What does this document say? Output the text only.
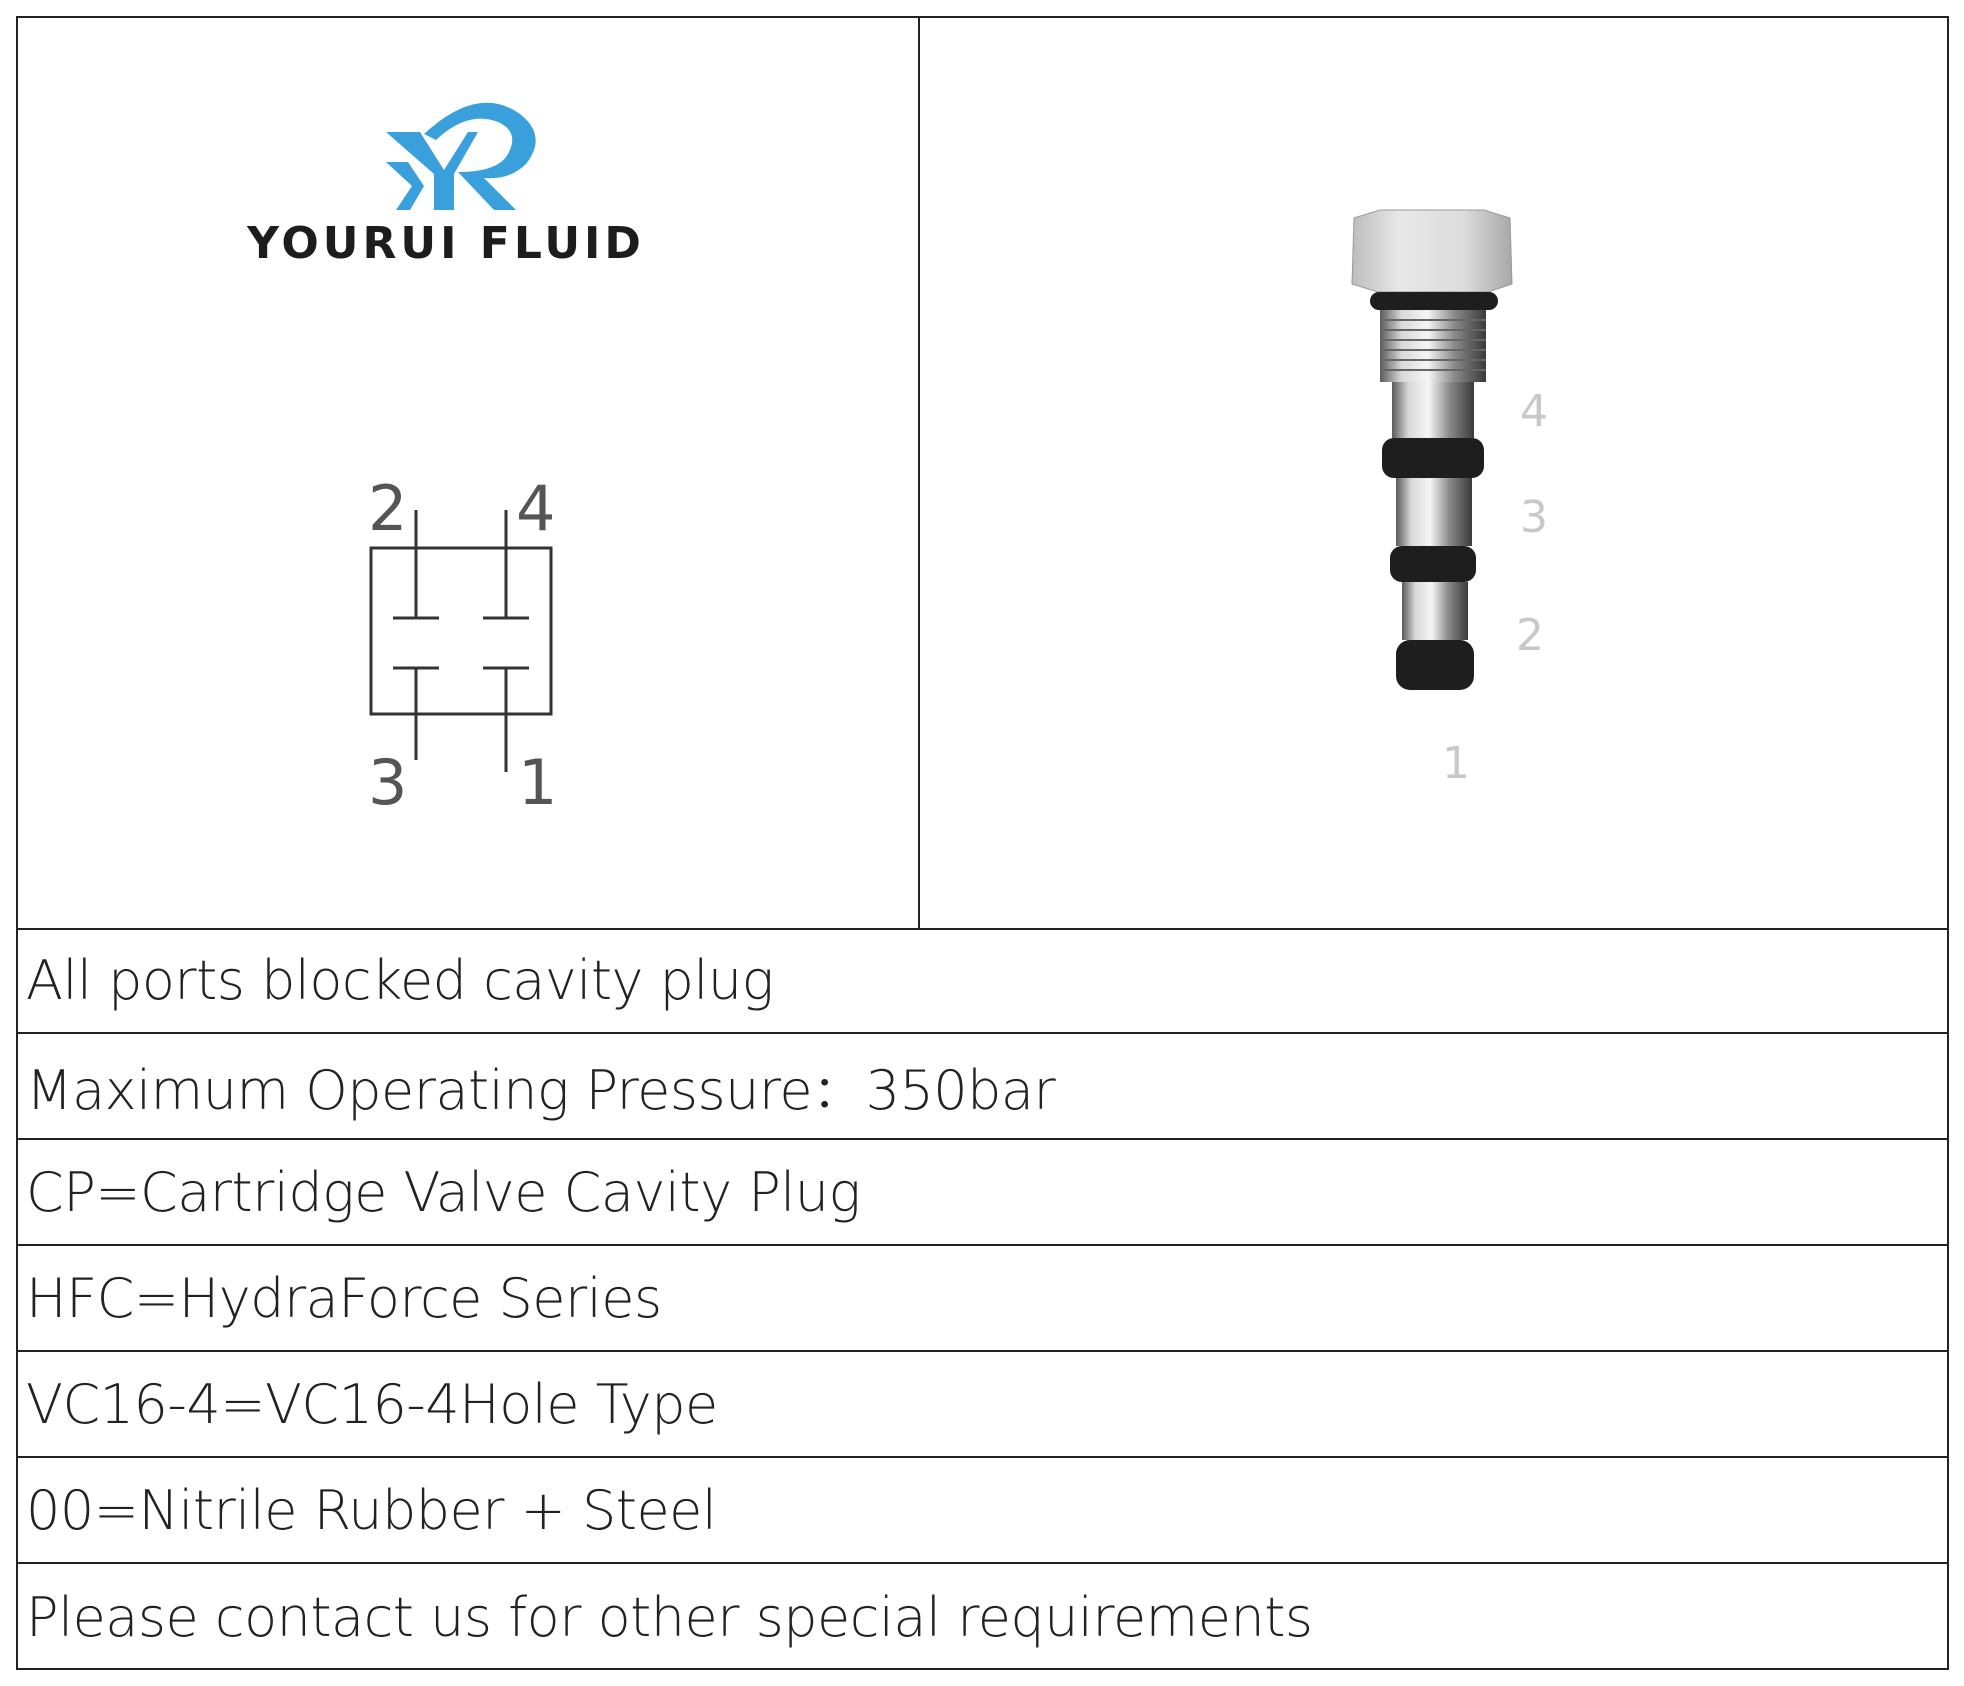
YOURUI FLUID
2 4
3 1
4
3
2
1
All ports blocked cavity plug
Maximum Operating Pressure：350bar
CP=Cartridge Valve Cavity Plug
HFC=HydraForce Series
VC16-4=VC16-4Hole Type
00=Nitrile Rubber + Steel
Please contact us for other special requirements
